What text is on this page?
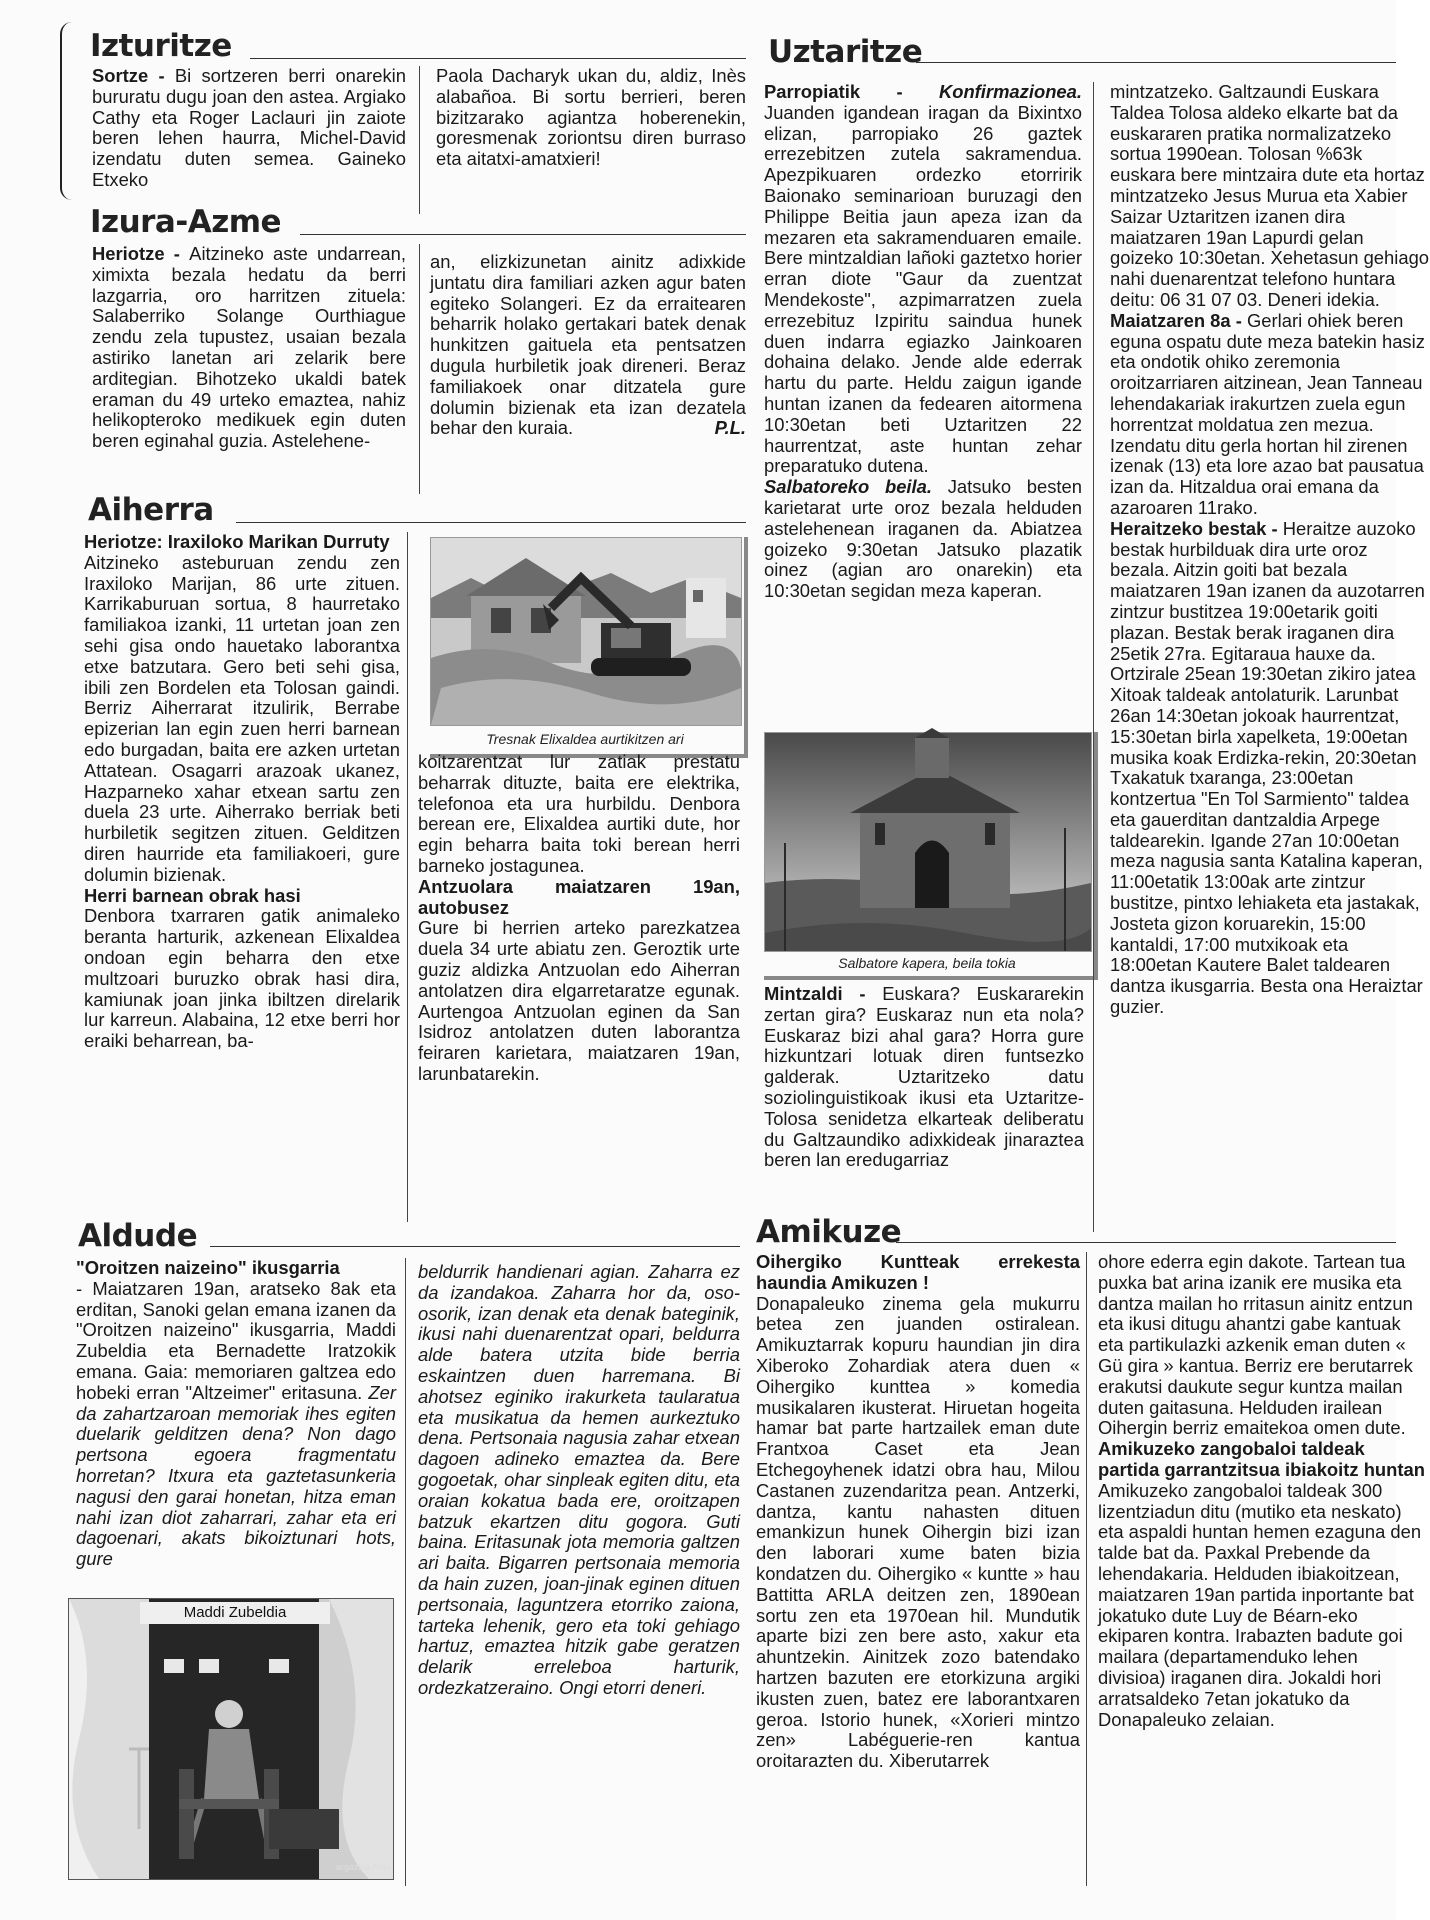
Izturitze

Sortze - Bi sortzeren berri onarekin bururatu dugu joan den astea. Argiako Cathy eta Roger Laclauri jin zaiote beren lehen haurra, Michel-David izendatu duten semea. Gaineko Etxeko

Paola Dacharyk ukan du, aldiz, Inès alabañoa. Bi sortu berrieri, beren bizitzarako agiantza hoberenekin, goresmenak zoriontsu diren burraso eta aitatxi-amatxieri!

Izura-Azme

Heriotze - Aitzineko aste undarrean, ximixta bezala hedatu da berri lazgarria, oro harritzen zituela: Salaberriko Solange Ourthiague zendu zela tupustez, usaian bezala astiriko lanetan ari zelarik bere arditegian. Bihotzeko ukaldi batek eraman du 49 urteko emaztea, nahiz helikopteroko medikuek egin duten beren eginahal guzia. Astelehene-

an, elizkizunetan ainitz adixkide juntatu dira familiari azken agur baten egiteko Solangeri. Ez da erraitearen beharrik holako gertakari batek denak hunkitzen gaituela eta pentsatzen dugula hurbiletik joak direneri. Beraz familiakoek onar ditzatela gure dolumin bizienak eta izan dezatela behar den kuraia.	P.L.

Aiherra

Heriotze: Iraxiloko Marikan Durruty
Aitzineko asteburuan zendu zen Iraxiloko Marijan, 86 urte zituen. Karrikaburuan sortua, 8 haurretako familiakoa izanki, 11 urtetan joan zen sehi gisa ondo hauetako laborantxa etxe batzutara. Gero beti sehi gisa, ibili zen Bordelen eta Tolosan gaindi. Berriz Aiherrarat itzulirik, Berrabe epizerian lan egin zuen herri barnean edo burgadan, baita ere azken urtetan Attatean. Osagarri arazoak ukanez, Hazparneko xahar etxean sartu zen duela 23 urte. Aiherrako berriak beti hurbiletik segitzen zituen. Gelditzen diren haurride eta familiakoeri, gure dolumin bizienak.

Herri barnean obrak hasi
Denbora txarraren gatik animaleko beranta harturik, azkenean Elixaldea ondoan egin beharra den etxe multzoari buruzko obrak hasi dira, kamiunak joan jinka ibiltzen direlarik lur karreun. Alabaina, 12 etxe berri hor eraiki beharrean, ba-

Tresnak Elixaldea aurtikitzen ari

koitzarentzat lur zatiak prestatu beharrak dituzte, baita ere elektrika, telefonoa eta ura hurbildu. Denbora berean ere, Elixaldea aurtiki dute, hor egin beharra baita toki berean herri barneko jostagunea.

Antzuolara maiatzaren 19an, autobusez
Gure bi herrien arteko parezkatzea duela 34 urte abiatu zen. Geroztik urte guziz aldizka Antzuolan edo Aiherran antolatzen dira elgarretaratze egunak. Aurtengoa Antzuolan eginen da San Isidroz antolatzen duten laborantza feiraren karietara, maiatzaren 19an, larunbatarekin.

Uztaritze

Parropiatik - Konfirmazionea. Juanden igandean iragan da Bixintxo elizan, parropiako 26 gaztek errezebitzen zutela sakramendua. Apezpikuaren ordezko etorririk Baionako seminarioan buruzagi den Philippe Beitia jaun apeza izan da mezaren eta sakramenduaren emaile. Bere mintzaldian lañoki gaztetxo horier erran diote "Gaur da zuentzat Mendekoste", azpimarratzen zuela errezebituz Izpiritu saindua hunek duen indarra egiazko Jainkoaren dohaina delako. Jende alde ederrak hartu du parte. Heldu zaigun igande huntan izanen da fedearen aitormena 10:30etan beti Uztaritzen 22 haurrentzat, aste huntan zehar preparatuko dutena.

Salbatoreko beila. Jatsuko besten karietarat urte oroz bezala helduden astelehenean iraganen da. Abiatzea goizeko 9:30etan Jatsuko plazatik oinez (agian aro onarekin) eta 10:30etan segidan meza kaperan.

Salbatore kapera, beila tokia

Mintzaldi - Euskara? Euskararekin zertan gira? Euskaraz nun eta nola? Euskaraz bizi ahal gara? Horra gure hizkuntzari lotuak diren funtsezko galderak. Uztaritzeko datu soziolinguistikoak ikusi eta Uztaritze-Tolosa senidetza elkarteak deliberatu du Galtzaundiko adixkideak jinaraztea beren lan eredugarriaz

mintzatzeko. Galtzaundi Euskara Taldea Tolosa aldeko elkarte bat da euskararen pratika normalizatzeko sortua 1990ean. Tolosan %63k euskara bere mintzaira dute eta hortaz mintzatzeko Jesus Murua eta Xabier Saizar Uztaritzen izanen dira maiatzaren 19an Lapurdi gelan goizeko 10:30etan. Xehetasun gehiago nahi duenarentzat telefono huntara deitu: 06 31 07 03. Deneri idekia.

Maiatzaren 8a - Gerlari ohiek beren eguna ospatu dute meza batekin hasiz eta ondotik ohiko zeremonia oroitzarriaren aitzinean, Jean Tanneau lehendakariak irakurtzen zuela egun horrentzat moldatua zen mezua. Izendatu ditu gerla hortan hil zirenen izenak (13) eta lore azao bat pausatua izan da. Hitzaldua orai emana da azaroaren 11rako.

Heraitzeko bestak - Heraitze auzoko bestak hurbilduak dira urte oroz bezala. Aitzin goiti bat bezala maiatzaren 19an izanen da auzotarren zintzur bustitzea 19:00etarik goiti plazan. Bestak berak iraganen dira 25etik 27ra. Egitaraua hauxe da. Ortzirale 25ean 19:30etan zikiro jatea Xitoak taldeak antolaturik. Larunbat 26an 14:30etan jokoak haurrentzat, 15:30etan birla xapelketa, 19:00etan musika koak Erdizka-rekin, 20:30etan Txakatuk txaranga, 23:00etan kontzertua "En Tol Sarmiento" taldea eta gauerditan dantzaldia Arpege taldearekin. Igande 27an 10:00etan meza nagusia santa Katalina kaperan, 11:00etatik 13:00ak arte zintzur bustitze, pintxo lehiaketa eta jastakak, Josteta gizon koruarekin, 15:00 kantaldi, 17:00 mutxikoak eta 18:00etan Kautere Balet taldearen dantza ikusgarria. Besta ona Heraiztar guzier.

Aldude

"Oroitzen naizeino" ikusgarria
- Maiatzaren 19an, aratseko 8ak eta erditan, Sanoki gelan emana izanen da "Oroitzen naizeino" ikusgarria, Maddi Zubeldia eta Bernadette Iratzokik emana. Gaia: memoriaren galtzea edo hobeki erran "Altzeimer" eritasuna. Zer da zahartzaroan memoriak ihes egiten duelarik gelditzen dena? Non dago pertsona egoera fragmentatu horretan? Itxura eta gaztetasunkeria nagusi den garai honetan, hitza eman nahi izan diot zaharrari, zahar eta eri dagoenari, akats bikoiztunari hots, gure

Maddi Zubeldia
argazkia Amu

beldurrik handienari agian. Zaharra ez da izandakoa. Zaharra hor da, oso-osorik, izan denak eta denak bateginik, ikusi nahi duenarentzat opari, beldurra alde batera utzita bide berria eskaintzen duen harremana. Bi ahotsez eginiko irakurketa taularatua eta musikatua da hemen aurkeztuko dena. Pertsonaia nagusia zahar etxean dagoen adineko emaztea da. Bere gogoetak, ohar sinpleak egiten ditu, eta oraian kokatua bada ere, oroitzapen batzuk ekartzen ditu gogora. Guti baina. Eritasunak jota memoria galtzen ari baita. Bigarren pertsonaia memoria da hain zuzen, joan-jinak eginen dituen pertsonaia, laguntzera etorriko zaiona, tarteka lehenik, gero eta toki gehiago hartuz, emaztea hitzik gabe geratzen delarik erreleboa harturik, ordezkatzeraino. Ongi etorri deneri.

Amikuze

Oihergiko Kuntteak errekesta haundia Amikuzen !
Donapaleuko zinema gela mukurru betea zen juanden ostiralean. Amikuztarrak kopuru haundian jin dira Xiberoko Zohardiak atera duen « Oihergiko kunttea » komedia musikalaren ikusterat. Hiruetan hogeita hamar bat parte hartzailek eman dute Frantxoa Caset eta Jean Etchegoyhenek idatzi obra hau, Milou Castanen zuzendaritza pean. Antzerki, dantza, kantu nahasten dituen emankizun hunek Oihergin bizi izan den laborari xume baten bizia kondatzen du. Oihergiko « kuntte » hau Battitta ARLA deitzen zen, 1890ean sortu zen eta 1970ean hil. Mundutik aparte bizi zen bere asto, xakur eta ahuntzekin. Ainitzek zozo batendako hartzen bazuten ere etorkizuna argiki ikusten zuen, batez ere laborantxaren geroa. Istorio hunek, «Xorieri mintzo zen» Labéguerie-ren kantua oroitarazten du. Xiberutarrek

ohore ederra egin dakote. Tartean tua puxka bat arina izanik ere musika eta dantza mailan ho rritasun ainitz entzun eta ikusi ditugu ahantzi gabe kantuak eta partikulazki azkenik eman duten « Gü gira » kantua. Berriz ere berutarrek erakutsi daukute segur kuntza mailan duten gaitasuna. Helduden irailean Oihergin berriz emaitekoa omen dute.

Amikuzeko zangobaloi taldeak partida garrantzitsua ibiakoitz huntan
Amikuzeko zangobaloi taldeak 300 lizentziadun ditu (mutiko eta neskato) eta aspaldi huntan hemen ezaguna den talde bat da. Paxkal Prebende da lehendakaria. Helduden ibiakoitzean, maiatzaren 19an partida inportante bat jokatuko dute Luy de Béarn-eko ekiparen kontra. Irabazten badute goi mailara (departamenduko lehen divisioa) iraganen dira. Jokaldi hori arratsaldeko 7etan jokatuko da Donapaleuko zelaian.
